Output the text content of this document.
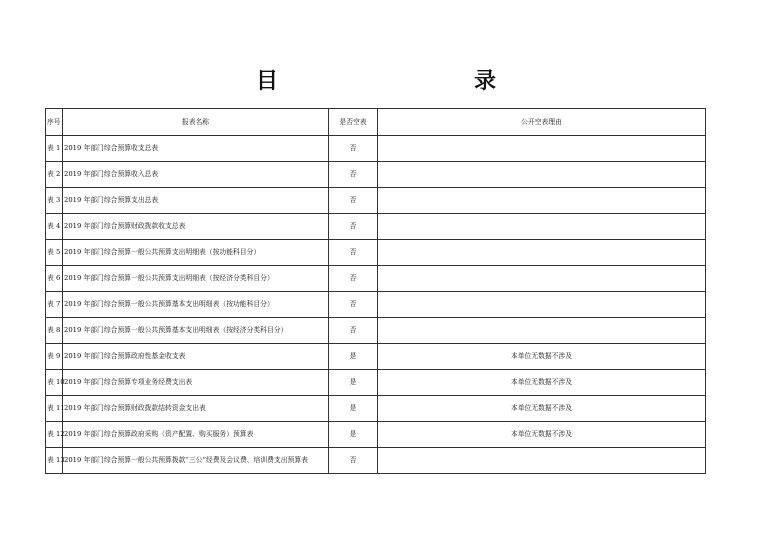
目	录
序号	报表名称	是否空表	公开空表理由
表 1	2019 年部门综合预算收支总表	否	
表 2	2019 年部门综合预算收入总表	否	
表 3	2019 年部门综合预算支出总表	否	
表 4	2019 年部门综合预算财政拨款收支总表	否	
表 5	2019 年部门综合预算一般公共预算支出明细表（按功能科目分）	否	
表 6	2019 年部门综合预算一般公共预算支出明细表（按经济分类科目分）	否	
表 7	2019 年部门综合预算一般公共预算基本支出明细表（按功能科目分）	否	
表 8	2019 年部门综合预算一般公共预算基本支出明细表（按经济分类科目分）	否	
表 9	2019 年部门综合预算政府性基金收支表	是	本单位无数据不涉及
表 10	2019 年部门综合预算专项业务经费支出表	是	本单位无数据不涉及
表 11	2019 年部门综合预算财政拨款结转资金支出表	是	本单位无数据不涉及
表 12	2019 年部门综合预算政府采购（资产配置、购买服务）预算表	是	本单位无数据不涉及
表 13	2019 年部门综合预算一般公共预算拨款“三公”经费及会议费、培训费支出预算表	否	
